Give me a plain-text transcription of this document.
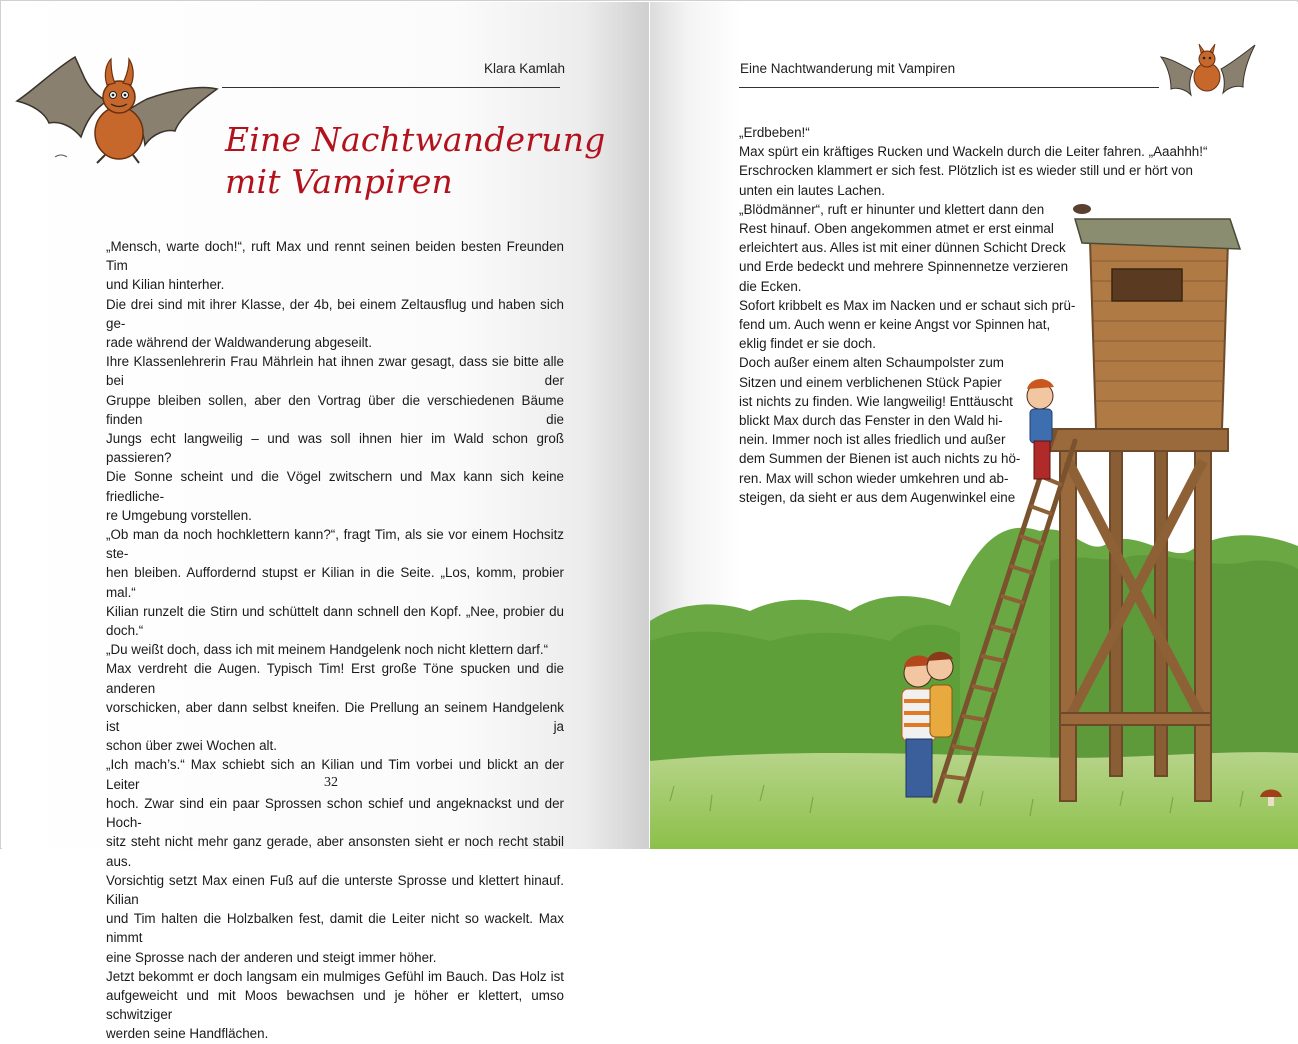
Klara Kamlah
Eine Nachtwanderung
mit Vampiren

„Mensch, warte doch!“, ruft Max und rennt seinen beiden besten Freunden Tim

und Kilian hinterher.

Die drei sind mit ihrer Klasse, der 4b, bei einem Zeltausflug und haben sich ge-

rade während der Waldwanderung abgeseilt.

Ihre Klassenlehrerin Frau Mährlein hat ihnen zwar gesagt, dass sie bitte alle bei der

Gruppe bleiben sollen, aber den Vortrag über die verschiedenen Bäume finden die

Jungs echt langweilig – und was soll ihnen hier im Wald schon groß passieren?

Die Sonne scheint und die Vögel zwitschern und Max kann sich keine friedliche-

re Umgebung vorstellen.

„Ob man da noch hochklettern kann?“, fragt Tim, als sie vor einem Hochsitz ste-

hen bleiben. Auffordernd stupst er Kilian in die Seite. „Los, komm, probier mal.“

Kilian runzelt die Stirn und schüttelt dann schnell den Kopf. „Nee, probier du

doch.“

„Du weißt doch, dass ich mit meinem Handgelenk noch nicht klettern darf.“

Max verdreht die Augen. Typisch Tim! Erst große Töne spucken und die anderen

vorschicken, aber dann selbst kneifen. Die Prellung an seinem Handgelenk ist ja

schon über zwei Wochen alt.

„Ich mach’s.“ Max schiebt sich an Kilian und Tim vorbei und blickt an der Leiter

hoch. Zwar sind ein paar Sprossen schon schief und angeknackst und der Hoch-

sitz steht nicht mehr ganz gerade, aber ansonsten sieht er noch recht stabil aus.

Vorsichtig setzt Max einen Fuß auf die unterste Sprosse und klettert hinauf. Kilian

und Tim halten die Holzbalken fest, damit die Leiter nicht so wackelt. Max nimmt

eine Sprosse nach der anderen und steigt immer höher.

Jetzt bekommt er doch langsam ein mulmiges Gefühl im Bauch. Das Holz ist

aufgeweicht und mit Moos bewachsen und je höher er klettert, umso schwitziger

werden seine Handflächen.

32
Eine Nachtwanderung mit Vampiren

„Erdbeben!“

Max spürt ein kräftiges Rucken und Wackeln durch die Leiter fahren. „Aaahhh!“

Erschrocken klammert er sich fest. Plötzlich ist es wieder still und er hört von

unten ein lautes Lachen.

„Blödmänner“, ruft er hinunter und klettert dann den

Rest hinauf. Oben angekommen atmet er erst einmal

erleichtert aus. Alles ist mit einer dünnen Schicht Dreck

und Erde bedeckt und mehrere Spinnennetze verzieren

die Ecken.

Sofort kribbelt es Max im Nacken und er schaut sich prü-

fend um. Auch wenn er keine Angst vor Spinnen hat,

eklig findet er sie doch.

Doch außer einem alten Schaumpolster zum

Sitzen und einem verblichenen Stück Papier

ist nichts zu finden. Wie langweilig! Enttäuscht

blickt Max durch das Fenster in den Wald hi-

nein. Immer noch ist alles friedlich und außer

dem Summen der Bienen ist auch nichts zu hö-

ren. Max will schon wieder umkehren und ab-

steigen, da sieht er aus dem Augenwinkel eine
